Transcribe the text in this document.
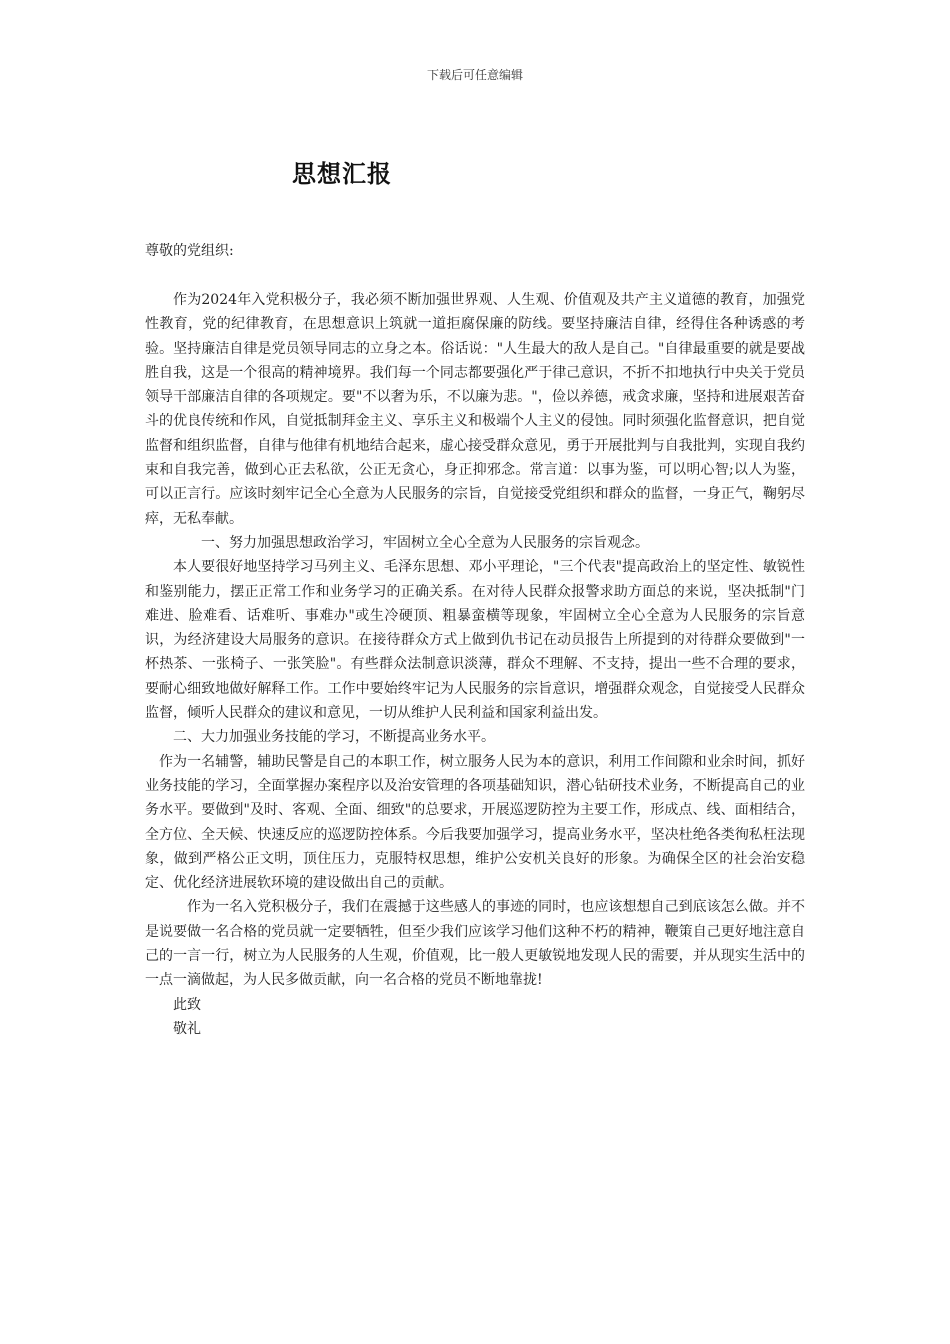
下载后可任意编辑
思想汇报
尊敬的党组织:

作为2024年入党积极分子，我必须不断加强世界观、人生观、价值观及共产主义道德的教育，加强党性教育，党的纪律教育，在思想意识上筑就一道拒腐保廉的防线。要坚持廉洁自律，经得住各种诱惑的考验。坚持廉洁自律是党员领导同志的立身之本。俗话说："人生最大的敌人是自己。"自律最重要的就是要战胜自我，这是一个很高的精神境界。我们每一个同志都要强化严于律己意识，不折不扣地执行中央关于党员领导干部廉洁自律的各项规定。要"不以奢为乐，不以廉为悲。"，俭以养德，戒贪求廉，坚持和进展艰苦奋斗的优良传统和作风，自觉抵制拜金主义、享乐主义和极端个人主义的侵蚀。同时须强化监督意识，把自觉监督和组织监督，自律与他律有机地结合起来，虚心接受群众意见，勇于开展批判与自我批判，实现自我约束和自我完善，做到心正去私欲，公正无贪心，身正抑邪念。常言道：以事为鉴，可以明心智;以人为鉴，可以正言行。应该时刻牢记全心全意为人民服务的宗旨，自觉接受党组织和群众的监督，一身正气，鞠躬尽瘁，无私奉献。

一、努力加强思想政治学习，牢固树立全心全意为人民服务的宗旨观念。

本人要很好地坚持学习马列主义、毛泽东思想、邓小平理论，"三个代表"提高政治上的坚定性、敏锐性和鉴别能力，摆正正常工作和业务学习的正确关系。在对待人民群众报警求助方面总的来说，坚决抵制"门难进、脸难看、话难听、事难办"或生冷硬顶、粗暴蛮横等现象，牢固树立全心全意为人民服务的宗旨意识，为经济建设大局服务的意识。在接待群众方式上做到仇书记在动员报告上所提到的对待群众要做到"一杯热茶、一张椅子、一张笑脸"。有些群众法制意识淡薄，群众不理解、不支持，提出一些不合理的要求，要耐心细致地做好解释工作。工作中要始终牢记为人民服务的宗旨意识，增强群众观念，自觉接受人民群众监督，倾听人民群众的建议和意见，一切从维护人民利益和国家利益出发。

二、大力加强业务技能的学习，不断提高业务水平。

作为一名辅警，辅助民警是自己的本职工作，树立服务人民为本的意识，利用工作间隙和业余时间，抓好业务技能的学习，全面掌握办案程序以及治安管理的各项基础知识，潜心钻研技术业务，不断提高自己的业务水平。要做到"及时、客观、全面、细致"的总要求，开展巡逻防控为主要工作，形成点、线、面相结合，全方位、全天候、快速反应的巡逻防控体系。今后我要加强学习，提高业务水平，坚决杜绝各类徇私枉法现象，做到严格公正文明，顶住压力，克服特权思想，维护公安机关良好的形象。为确保全区的社会治安稳定、优化经济进展软环境的建设做出自己的贡献。

作为一名入党积极分子，我们在震撼于这些感人的事迹的同时，也应该想想自己到底该怎么做。并不是说要做一名合格的党员就一定要牺牲，但至少我们应该学习他们这种不朽的精神，鞭策自己更好地注意自己的一言一行，树立为人民服务的人生观，价值观，比一般人更敏锐地发现人民的需要，并从现实生活中的一点一滴做起，为人民多做贡献，向一名合格的党员不断地靠拢!

此致

敬礼
